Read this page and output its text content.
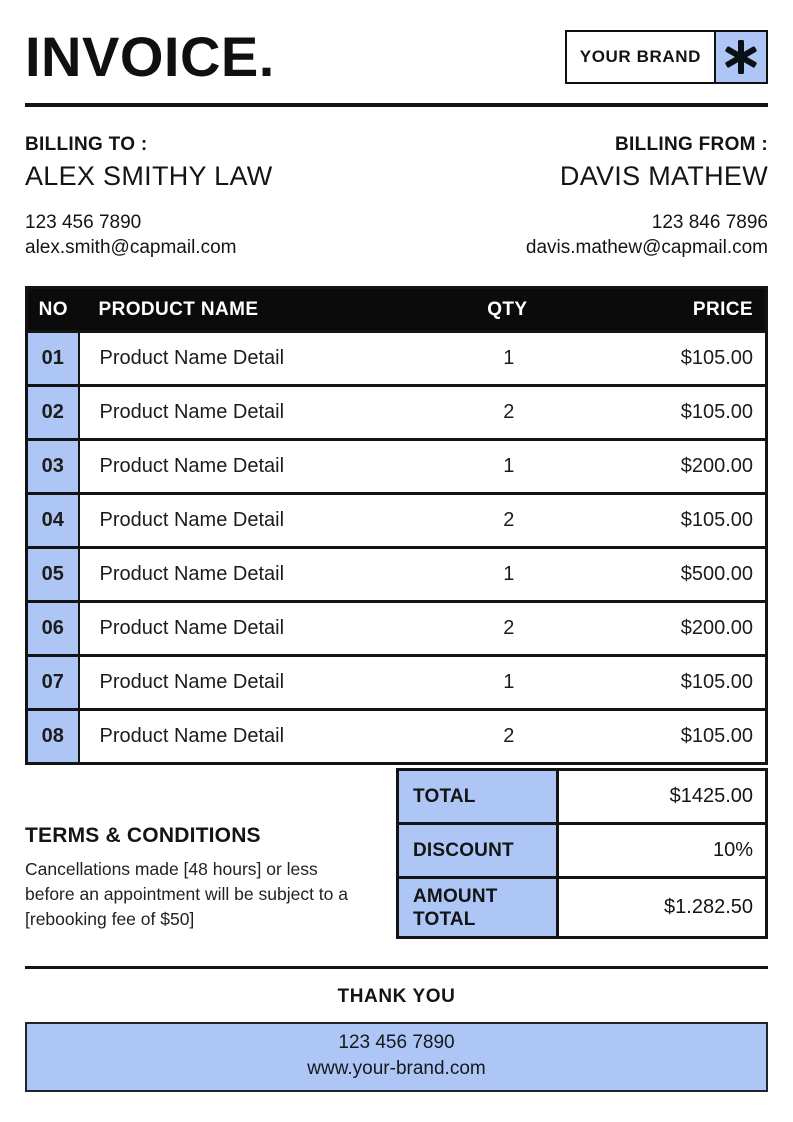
INVOICE.	YOUR BRAND
BILLING TO :
ALEX SMITHY LAW
123 456 7890
alex.smith@capmail.com
BILLING FROM :
DAVIS MATHEW
123 846 7896
davis.mathew@capmail.com
NO	PRODUCT NAME	QTY	PRICE
01	Product Name Detail	1	$105.00
02	Product Name Detail	2	$105.00
03	Product Name Detail	1	$200.00
04	Product Name Detail	2	$105.00
05	Product Name Detail	1	$500.00
06	Product Name Detail	2	$200.00
07	Product Name Detail	1	$105.00
08	Product Name Detail	2	$105.00
TERMS & CONDITIONS
Cancellations made [48 hours] or less before an appointment will be subject to a [rebooking fee of $50]
TOTAL	$1425.00
DISCOUNT	10%
AMOUNT TOTAL	$1.282.50
THANK YOU
123 456 7890
www.your-brand.com
